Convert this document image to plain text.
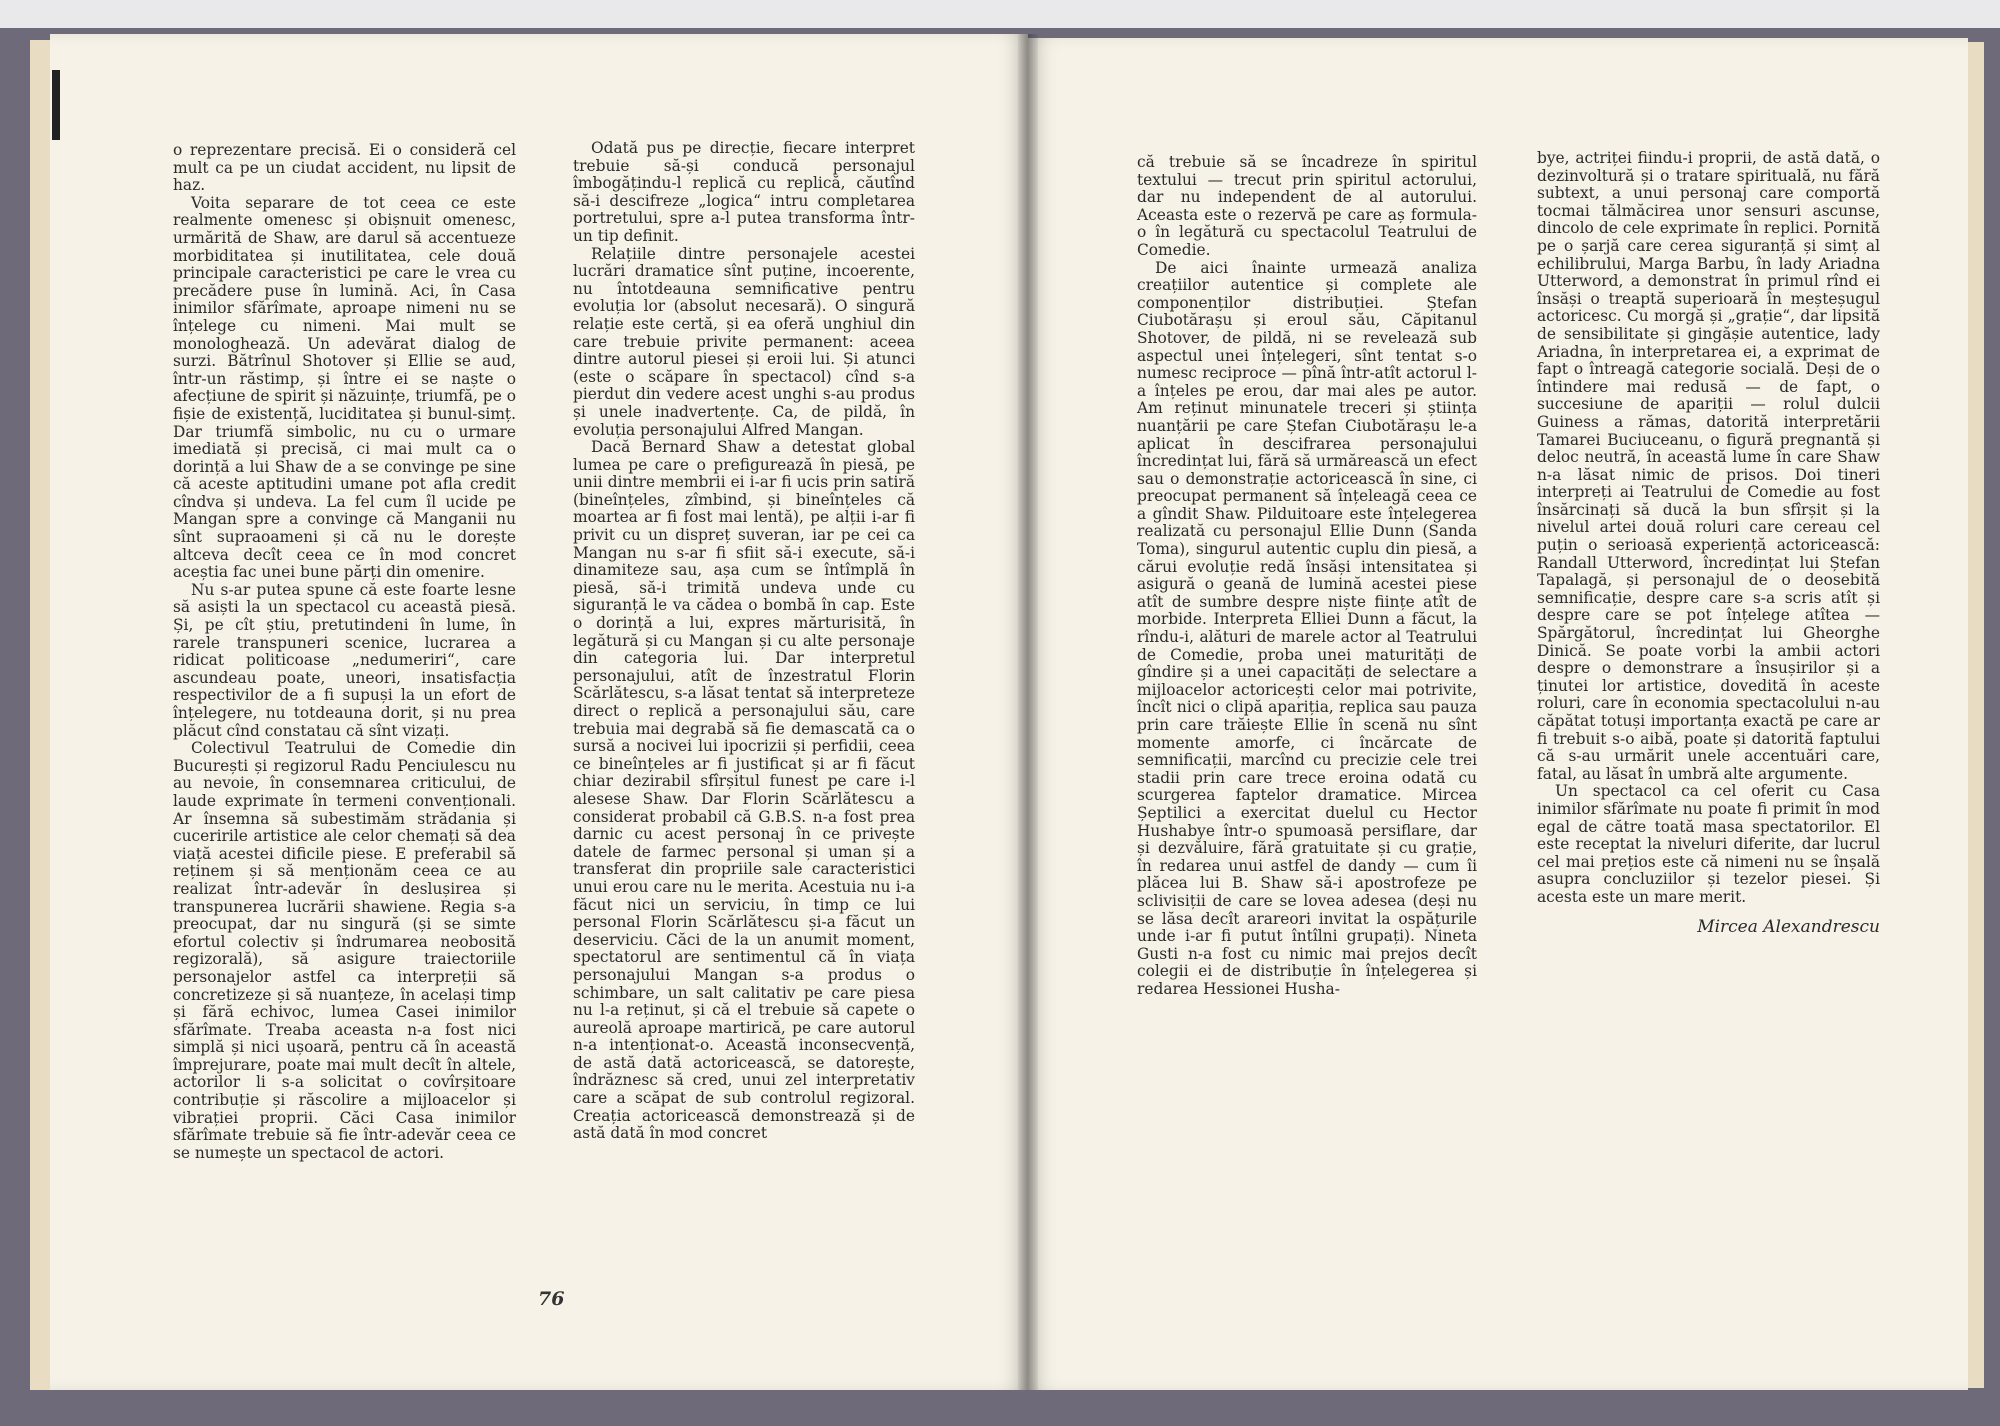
o reprezentare precisă. Ei o consideră cel mult ca pe un ciudat accident, nu lipsit de haz.

Voita separare de tot ceea ce este realmente omenesc și obișnuit omenesc, urmărită de Shaw, are darul să accentueze morbiditatea și inutilitatea, cele două principale caracteristici pe care le vrea cu precădere puse în lumină. Aci, în Casa inimilor sfărîmate, aproape nimeni nu se înțelege cu nimeni. Mai mult se monologhează. Un adevărat dialog de surzi. Bătrînul Shotover și Ellie se aud, într-un răstimp, și între ei se naște o afecțiune de spirit și năzuințe, triumfă, pe o fișie de existență, luciditatea și bunul-simț. Dar triumfă simbolic, nu cu o urmare imediată și precisă, ci mai mult ca o dorință a lui Shaw de a se convinge pe sine că aceste aptitudini umane pot afla credit cîndva și undeva. La fel cum îl ucide pe Mangan spre a convinge că Manganii nu sînt supraoameni și că nu le dorește altceva decît ceea ce în mod concret aceștia fac unei bune părți din omenire.

Nu s-ar putea spune că este foarte lesne să asiști la un spectacol cu această piesă. Și, pe cît știu, pretutindeni în lume, în rarele transpuneri scenice, lucrarea a ridicat politicoase „nedumeriri“, care ascundeau poate, uneori, insatisfacția respectivilor de a fi supuși la un efort de înțelegere, nu totdeauna dorit, și nu prea plăcut cînd constatau că sînt vizați.

Colectivul Teatrului de Comedie din București și regizorul Radu Penciulescu nu au nevoie, în consemnarea criticului, de laude exprimate în termeni convenționali. Ar însemna să subestimăm strădania și cuceririle artistice ale celor chemați să dea viață acestei dificile piese. E preferabil să reținem și să menționăm ceea ce au realizat într-adevăr în deslușirea și transpunerea lucrării shawiene. Regia s-a preocupat, dar nu singură (și se simte efortul colectiv și îndrumarea neobosită regizorală), să asigure traiectoriile personajelor astfel ca interpreții să concretizeze și să nuanțeze, în același timp și fără echivoc, lumea Casei inimilor sfărîmate. Treaba aceasta n-a fost nici simplă și nici ușoară, pentru că în această împrejurare, poate mai mult decît în altele, actorilor li s-a solicitat o covîrșitoare contribuție și răscolire a mijloacelor și vibrației proprii. Căci Casa inimilor sfărîmate trebuie să fie într-adevăr ceea ce se numește un spectacol de actori.

Odată pus pe direcție, fiecare interpret trebuie să-și conducă personajul îmbogățindu-l replică cu replică, căutînd să-i descifreze „logica“ intru completarea portretului, spre a-l putea transforma într-un tip definit.

Relațiile dintre personajele acestei lucrări dramatice sînt puține, incoerente, nu întotdeauna semnificative pentru evoluția lor (absolut necesară). O singură relație este certă, și ea oferă unghiul din care trebuie privite permanent: aceea dintre autorul piesei și eroii lui. Și atunci (este o scăpare în spectacol) cînd s-a pierdut din vedere acest unghi s-au produs și unele inadvertențe. Ca, de pildă, în evoluția personajului Alfred Mangan.

Dacă Bernard Shaw a detestat global lumea pe care o prefigurează în piesă, pe unii dintre membrii ei i-ar fi ucis prin satiră (bineînțeles, zîmbind, și bineînțeles că moartea ar fi fost mai lentă), pe alții i-ar fi privit cu un dispreț suveran, iar pe cei ca Mangan nu s-ar fi sfiit să-i execute, să-i dinamiteze sau, așa cum se întîmplă în piesă, să-i trimită undeva unde cu siguranță le va cădea o bombă în cap. Este o dorință a lui, expres mărturisită, în legătură și cu Mangan și cu alte personaje din categoria lui. Dar interpretul personajului, atît de înzestratul Florin Scărlătescu, s-a lăsat tentat să interpreteze direct o replică a personajului său, care trebuia mai degrabă să fie demascată ca o sursă a nocivei lui ipocrizii și perfidii, ceea ce bineînțeles ar fi justificat și ar fi făcut chiar dezirabil sfîrșitul funest pe care i-l alesese Shaw. Dar Florin Scărlătescu a considerat probabil că G.B.S. n-a fost prea darnic cu acest personaj în ce privește datele de farmec personal și uman și a transferat din propriile sale caracteristici unui erou care nu le merita. Acestuia nu i-a făcut nici un serviciu, în timp ce lui personal Florin Scărlătescu și-a făcut un deserviciu. Căci de la un anumit moment, spectatorul are sentimentul că în viața personajului Mangan s-a produs o schimbare, un salt calitativ pe care piesa nu l-a reținut, și că el trebuie să capete o aureolă aproape martirică, pe care autorul n-a intenționat-o. Această inconsecvență, de astă dată actoricească, se datorește, îndrăznesc să cred, unui zel interpretativ care a scăpat de sub controlul regizoral. Creația actoricească demonstrează și de astă dată în mod concret

76

că trebuie să se încadreze în spiritul textului — trecut prin spiritul actorului, dar nu independent de al autorului. Aceasta este o rezervă pe care aș formula-o în legătură cu spectacolul Teatrului de Comedie.

De aici înainte urmează analiza creațiilor autentice și complete ale componenților distribuției. Ștefan Ciubotărașu și eroul său, Căpitanul Shotover, de pildă, ni se revelează sub aspectul unei înțelegeri, sînt tentat s-o numesc reciproce — pînă într-atît actorul l-a înțeles pe erou, dar mai ales pe autor. Am reținut minunatele treceri și știința nuanțării pe care Ștefan Ciubotărașu le-a aplicat în descifrarea personajului încredințat lui, fără să urmărească un efect sau o demonstrație actoricească în sine, ci preocupat permanent să înțeleagă ceea ce a gîndit Shaw. Pilduitoare este înțelegerea realizată cu personajul Ellie Dunn (Sanda Toma), singurul autentic cuplu din piesă, a cărui evoluție redă însăși intensitatea și asigură o geană de lumină acestei piese atît de sumbre despre niște ființe atît de morbide. Interpreta Elliei Dunn a făcut, la rîndu-i, alături de marele actor al Teatrului de Comedie, proba unei maturități de gîndire și a unei capacități de selectare a mijloacelor actoricești celor mai potrivite, încît nici o clipă apariția, replica sau pauza prin care trăiește Ellie în scenă nu sînt momente amorfe, ci încărcate de semnificații, marcînd cu precizie cele trei stadii prin care trece eroina odată cu scurgerea faptelor dramatice. Mircea Șeptilici a exercitat duelul cu Hector Hushabye într-o spumoasă persiflare, dar și dezvăluire, fără gratuitate și cu grație, în redarea unui astfel de dandy — cum îi plăcea lui B. Shaw să-i apostrofeze pe sclivisiții de care se lovea adesea (deși nu se lăsa decît arareori invitat la ospățurile unde i-ar fi putut întîlni grupați). Nineta Gusti n-a fost cu nimic mai prejos decît colegii ei de distribuție în înțelegerea și redarea Hessionei Husha-

bye, actriței fiindu-i proprii, de astă dată, o dezinvoltură și o tratare spirituală, nu fără subtext, a unui personaj care comportă tocmai tălmăcirea unor sensuri ascunse, dincolo de cele exprimate în replici. Pornită pe o șarjă care cerea siguranță și simț al echilibrului, Marga Barbu, în lady Ariadna Utterword, a demonstrat în primul rînd ei însăși o treaptă superioară în meșteșugul actoricesc. Cu morgă și „grație“, dar lipsită de sensibilitate și gingășie autentice, lady Ariadna, în interpretarea ei, a exprimat de fapt o întreagă categorie socială. Deși de o întindere mai redusă — de fapt, o succesiune de apariții — rolul dulcii Guiness a rămas, datorită interpretării Tamarei Buciuceanu, o figură pregnantă și deloc neutră, în această lume în care Shaw n-a lăsat nimic de prisos. Doi tineri interpreți ai Teatrului de Comedie au fost însărcinați să ducă la bun sfîrșit și la nivelul artei două roluri care cereau cel puțin o serioasă experiență actoricească: Randall Utterword, încredințat lui Ștefan Tapalagă, și personajul de o deosebită semnificație, despre care s-a scris atît și despre care se pot înțelege atîtea — Spărgătorul, încredințat lui Gheorghe Dinică. Se poate vorbi la ambii actori despre o demonstrare a însușirilor și a ținutei lor artistice, dovedită în aceste roluri, care în economia spectacolului n-au căpătat totuși importanța exactă pe care ar fi trebuit s-o aibă, poate și datorită faptului că s-au urmărit unele accentuări care, fatal, au lăsat în umbră alte argumente.

Un spectacol ca cel oferit cu Casa inimilor sfărîmate nu poate fi primit în mod egal de către toată masa spectatorilor. El este receptat la niveluri diferite, dar lucrul cel mai prețios este că nimeni nu se înșală asupra concluziilor și tezelor piesei. Și acesta este un mare merit.

Mircea Alexandrescu
